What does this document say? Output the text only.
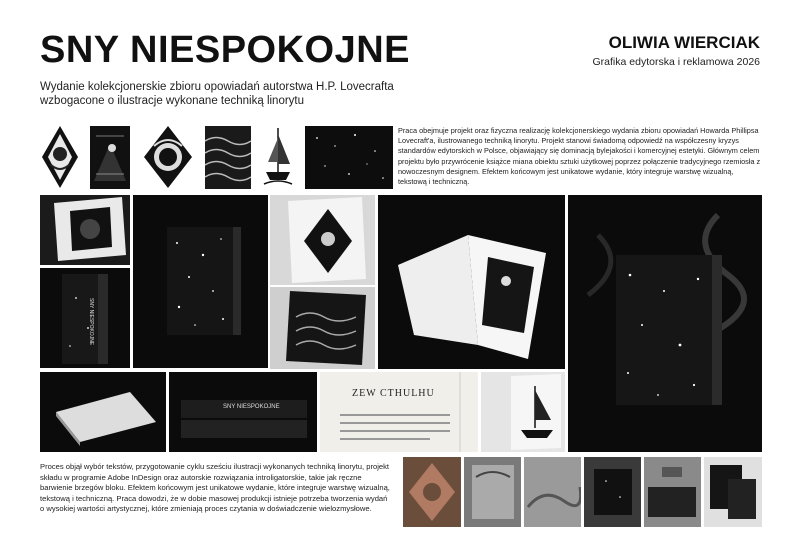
SNY NIESPOKOJNE
Wydanie kolekcjonerskie zbioru opowiadań autorstwa H.P. Lovecrafta wzbogacone o ilustracje wykonane techniką linorytu
OLIWIA WIERCIAK
Grafika edytorska i reklamowa 2026
Praca obejmuje projekt oraz fizyczna realizację kolekcjonerskiego wydania zbioru opowiadań Howarda Phillipsa Lovecraft'a, ilustrowanego techniką linorytu. Projekt stanowi świadomą odpowiedź na współczesny kryzys standardów edytorskich w Polsce, objawiający się dominacją bylejakości i komercyjnej estetyki. Głównym celem projektu było przywrócenie książce miana obiektu sztuki użytkowej poprzez połączenie tradycyjnego rzemiosła z nowoczesnym designem. Efektem końcowym jest unikatowe wydanie, który integruje warstwę wizualną, tekstową i techniczną.
SNY NIESPOKOJNE
SNY NIESPOKOJNE
ZEW CTHULHU
Proces objął wybór tekstów, przygotowanie cyklu sześciu ilustracji wykonanych techniką linorytu, projekt składu w programie Adobe InDesign oraz autorskie rozwiązania introligatorskie, takie jak ręczne barwienie brzegów bloku. Efektem końcowym jest unikatowe wydanie, które integruje warstwę wizualną, tekstową i techniczną. Praca dowodzi, że w dobie masowej produkcji istnieje potrzeba tworzenia wydań o wysokiej wartości artystycznej, które zmieniają proces czytania w doświadczenie wielozmysłowe.
